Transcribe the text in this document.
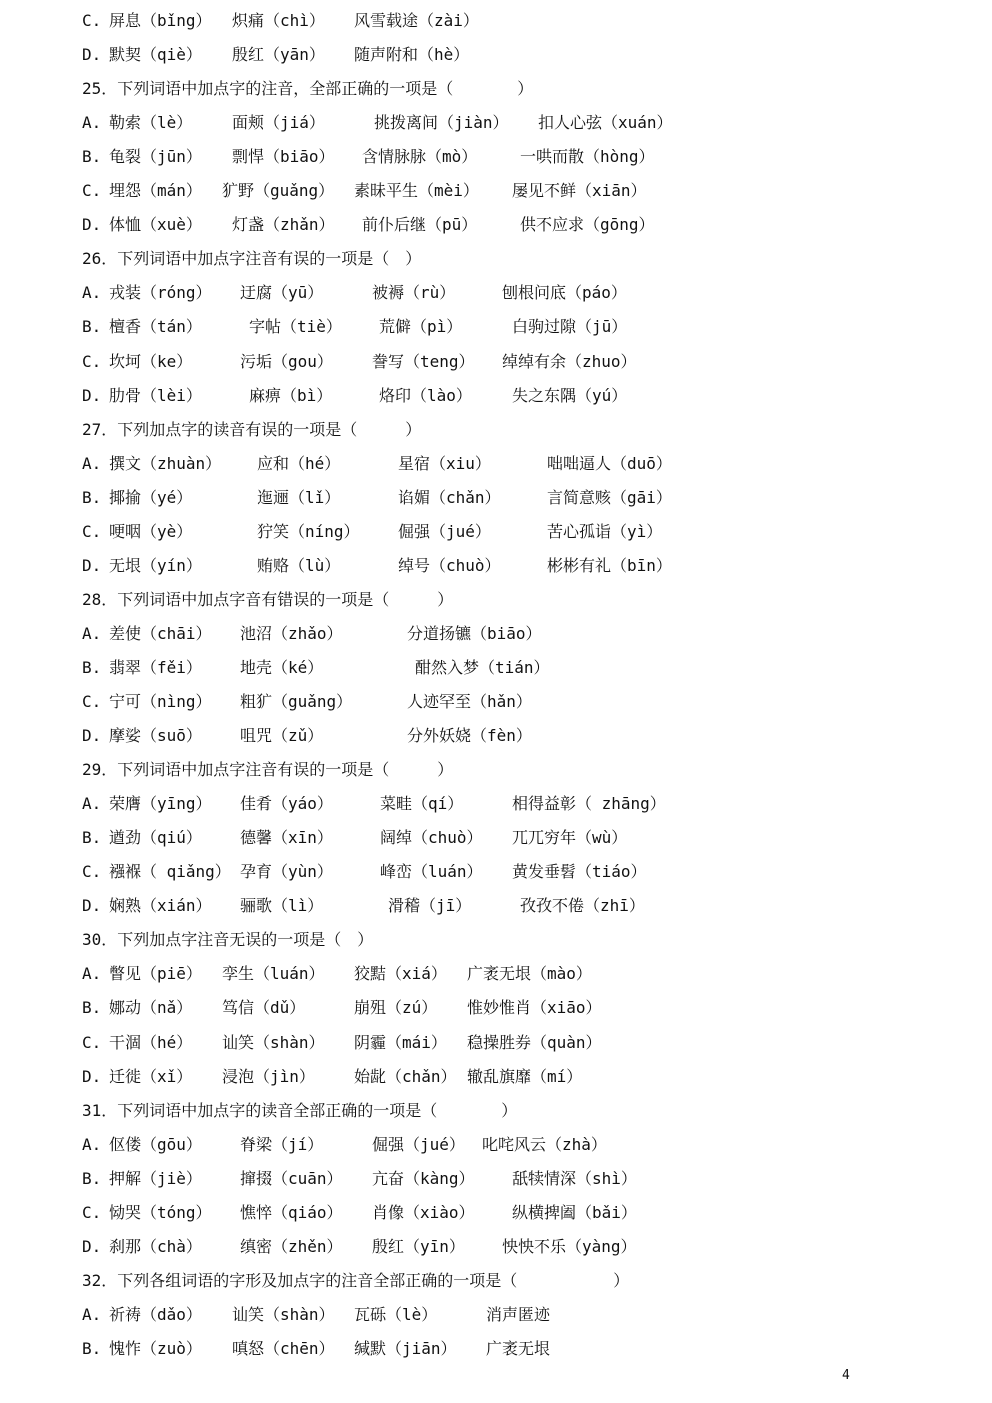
C. 屏息（bǐng） 炽痛（chì） 风雪载途（zài）
D. 默契（qiè） 殷红（yān） 随声附和（hè）
25．下列词语中加点字的注音，全部正确的一项是（　　　　）
A. 勒索（lè） 面颊（jiá）	挑拨离间（jiàn） 扣人心弦（xuán）
B. 龟裂（jūn） 剽悍（biāo） 含情脉脉（mò）	一哄而散（hòng）
C. 埋怨（mán） 犷野（guǎng） 素昧平生（mèi） 屡见不鲜（xiān）
D. 体恤（xuè） 灯盏（zhǎn） 前仆后继（pū）	供不应求（gōng）
26．下列词语中加点字注音有误的一项是（　）
A. 戎装（róng） 迂腐（yū）	被褥（rù）	刨根问底（páo）
B. 檀香（tán）	字帖（tiè） 荒僻（pì）	白驹过隙（jū）
C. 坎坷（ke）	污垢（gou） 誊写（teng） 绰绰有余（zhuo）
D. 肋骨（lèi）	麻痹（bì）	烙印（lào）	失之东隅（yú）
27．下列加点字的读音有误的一项是（　　　）
A. 撰文（zhuàn） 应和（hé）	星宿（xiu）	咄咄逼人（duō）
B. 揶揄（yé）	迤逦（lǐ）	谄媚（chǎn）	言简意赅（gāi）
C. 哽咽（yè）	狞笑（níng） 倔强（jué）	苦心孤诣（yì）
D. 无垠（yín）	贿赂（lù）	绰号（chuò）	彬彬有礼（bīn）
28．下列词语中加点字音有错误的一项是（　　　）
A. 差使（chāi） 池沼（zhǎo）	分道扬镳（biāo）
B. 翡翠（fěi） 地壳（ké）	酣然入梦（tián）
C. 宁可（nìng） 粗犷（guǎng）	人迹罕至（hǎn）
D. 摩娑（suō） 咀咒（zǔ）	分外妖娆（fèn）
29．下列词语中加点字注音有误的一项是（　　　）
A. 荣膺（yīng） 佳肴（yáo）	菜畦（qí）	相得益彰（ zhāng）
B. 遒劲（qiú） 德馨（xīn）	阔绰（chuò） 兀兀穷年（wù）
C. 襁褓（ qiǎng） 孕育（yùn）	峰峦（luán） 黄发垂髫（tiáo）
D. 娴熟（xián） 骊歌（lì）	滑稽（jī）	孜孜不倦（zhī）
30．下列加点字注音无误的一项是（　）
A. 瞥见（piē） 孪生（luán） 狡黠（xiá） 广袤无垠（mào）
B. 娜动（nǎ） 笃信（dǔ）	崩殂（zú） 惟妙惟肖（xiāo）
C. 干涸（hé） 讪笑（shàn） 阴霾（mái） 稳操胜券（quàn）
D. 迁徙（xǐ） 浸泡（jìn） 始龀（chǎn） 辙乱旗靡（mí）
31．下列词语中加点字的读音全部正确的一项是（　　　　）
A. 伛偻（gōu） 脊梁（jí）	倔强（jué） 叱咤风云（zhà）
B. 押解（jiè） 撺掇（cuān） 亢奋（kàng） 舐犊情深（shì）
C. 恸哭（tóng） 憔悴（qiáo） 肖像（xiào） 纵横捭阖（bǎi）
D. 刹那（chà） 缜密（zhěn） 殷红（yīn） 怏怏不乐（yàng）
32．下列各组词语的字形及加点字的注音全部正确的一项是（　　　　　　）
A. 祈祷（dǎo） 讪笑（shàn） 瓦砾（lè）	消声匿迹
B. 愧怍（zuò） 嗔怒（chēn） 缄默（jiān） 广袤无垠
4
